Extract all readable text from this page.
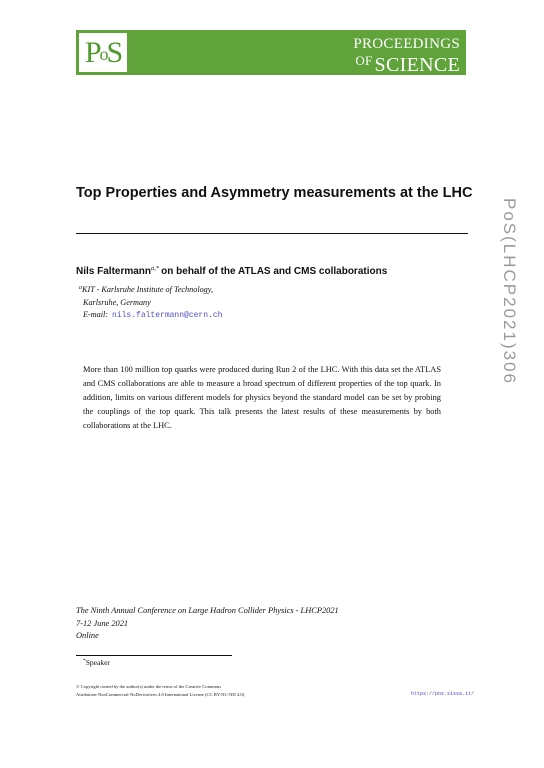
PoS	PROCEEDINGS
$^{OF}$ SCIENCE
PoS(LHCP2021)306
Top Properties and Asymmetry measurements at the LHC
Nils Faltermann$^{a,*}$ on behalf of the ATLAS and CMS collaborations
$^a$KIT - Karlsruhe Institute of Technology,
Karlsruhe, Germany
E-mail: nils.faltermann@cern.ch
More than 100 million top quarks were produced during Run 2 of the LHC. With this data set the ATLAS and CMS collaborations are able to measure a broad spectrum of different properties of the top quark. In addition, limits on various different models for physics beyond the standard model can be set by probing the couplings of the top quark. This talk presents the latest results of these measurements by both collaborations at the LHC.
The Ninth Annual Conference on Large Hadron Collider Physics - LHCP2021
7-12 June 2021
Online
*Speaker
© Copyright owned by the author(s) under the terms of the Creative Commons
Attribution-NonCommercial-NoDerivatives 4.0 International License (CC BY-NC-ND 4.0).	https://pos.sissa.it/
